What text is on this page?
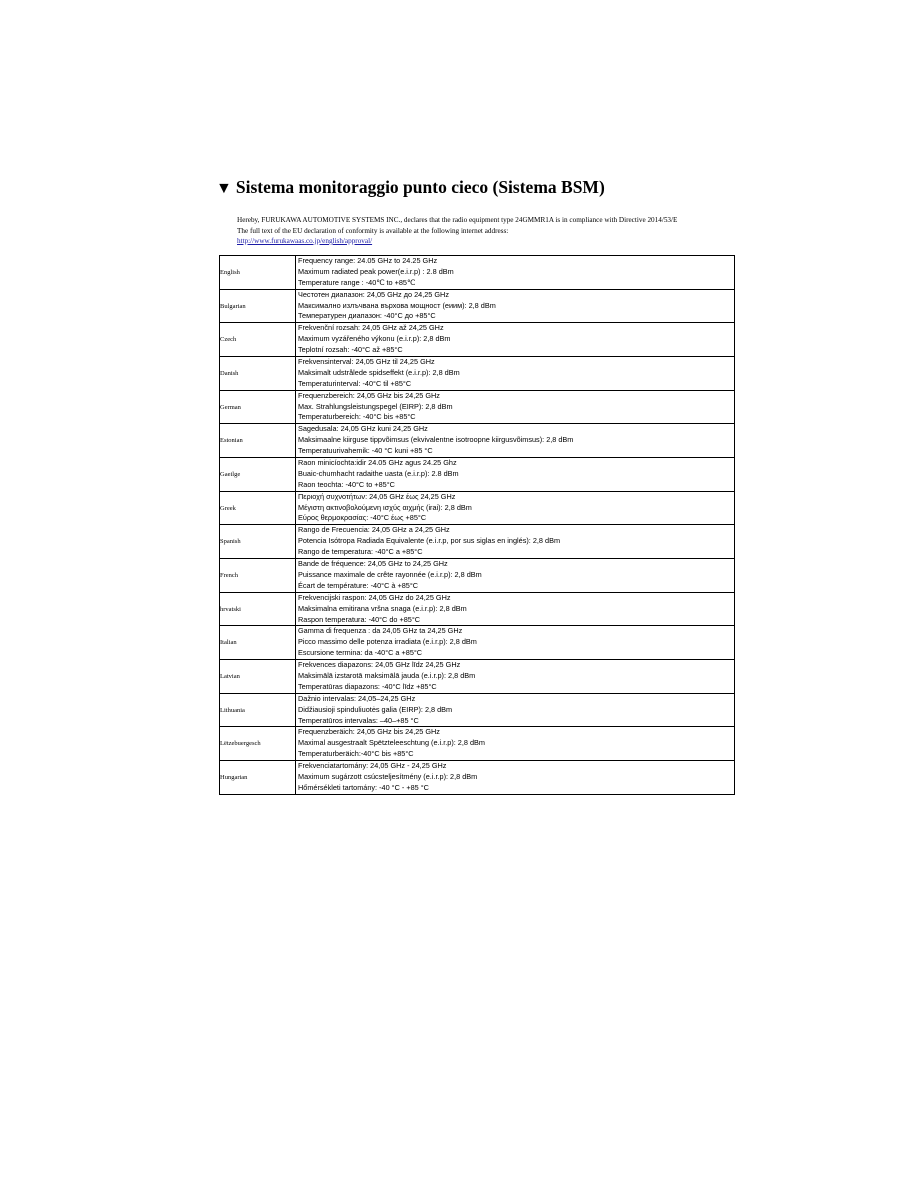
▼ Sistema monitoraggio punto cieco (Sistema BSM)
Hereby, FURUKAWA AUTOMOTIVE SYSTEMS INC., declares that the radio equipment type 24GMMR1A is in compliance with Directive 2014/53/E
The full text of the EU declaration of conformity is available at the following internet address:
http://www.furukawaas.co.jp/english/approval/
English	Frequency range: 24.05 GHz to 24.25 GHz
Maximum radiated peak power(e.i.r.p) : 2.8 dBm
Temperature range : -40℃ to +85℃

Bulgarian	Честотен диапазон: 24,05 GHz до 24,25 GHz
Максимално излъчвана върхова мощност (еиим): 2,8 dBm
Температурен диапазон: -40°C до +85°C

Czech	Frekvenční rozsah: 24,05 GHz až 24,25 GHz
Maximum vyzářeného výkonu (e.i.r.p): 2,8 dBm
Teplotní rozsah: -40°C až +85°C

Danish	Frekvensinterval: 24,05 GHz til 24,25 GHz
Maksimalt udstrålede spidseffekt (e.i.r.p): 2,8 dBm
Temperaturinterval: -40°C til +85°C

German	Frequenzbereich: 24,05 GHz bis 24,25 GHz
Max. Strahlungsleistungspegel (EIRP): 2,8 dBm
Temperaturbereich: -40°C bis +85°C

Estonian	Sagedusala: 24,05 GHz kuni 24,25 GHz
Maksimaalne kiirguse tippvõimsus (ekvivalentne isotroopne kiirgusvõimsus): 2,8 dBm
Temperatuurivahemik: -40 °C kuni +85 °C

Gaeilge	Raon minicíochta:idir 24.05 GHz agus 24.25 Ghz
Buaic-chumhacht radaithe uasta (e.i.r.p): 2.8 dBm
Raon teochta: -40°C to +85°C

Greek	Περιοχή συχνοτήτων: 24,05 GHz έως 24,25 GHz
Μέγιστη ακτινοβολούμενη ισχύς αιχμής (irai): 2,8 dBm
Εύρος θερμοκρασίας: -40°C έως +85°C

Spanish	Rango de Frecuencia: 24,05 GHz a 24,25 GHz
Potencia Isótropa Radiada Equivalente (e.i.r.p, por sus siglas en inglés): 2,8 dBm
Rango de temperatura: -40°C a +85°C

French	Bande de fréquence: 24,05 GHz to 24,25 GHz
Puissance maximale de crête rayonnée (e.i.r.p): 2,8 dBm
Écart de température: -40°C à +85°C

hrvatski	Frekvencijski raspon: 24,05 GHz do 24,25 GHz
Maksimalna emitirana vršna snaga (e.i.r.p): 2,8 dBm
Raspon temperatura: -40°C do +85°C

Italian	Gamma di frequenza : da 24,05 GHz ta 24,25 GHz
Picco massimo delle potenza irradiata (e.i.r.p): 2,8 dBm
Escursione termina: da -40°C a +85°C

Latvian	Frekvences diapazons: 24,05 GHz līdz 24,25 GHz
Maksimālā izstarotā maksimālā jauda (e.i.r.p): 2,8 dBm
Temperatūras diapazons: -40°C līdz +85°C

Lithuania	Dažnio intervalas: 24,05–24,25 GHz
Didžiausioji spinduliuotės galia (EIRP): 2,8 dBm
Temperatūros intervalas: –40–+85 °C

Lëtzebuergesch	Frequenzberäich: 24,05 GHz bis 24,25 GHz
Maximal ausgestraalt Spëtzteleeschtung (e.i.r.p): 2,8 dBm
Temperaturberäich:-40°C bis +85°C

Hungarian	Frekvenciatartomány: 24,05 GHz - 24,25 GHz
Maximum sugárzott csúcsteljesítmény (e.i.r.p): 2,8 dBm
Hőmérsékleti tartomány: -40 °C - +85 °C
